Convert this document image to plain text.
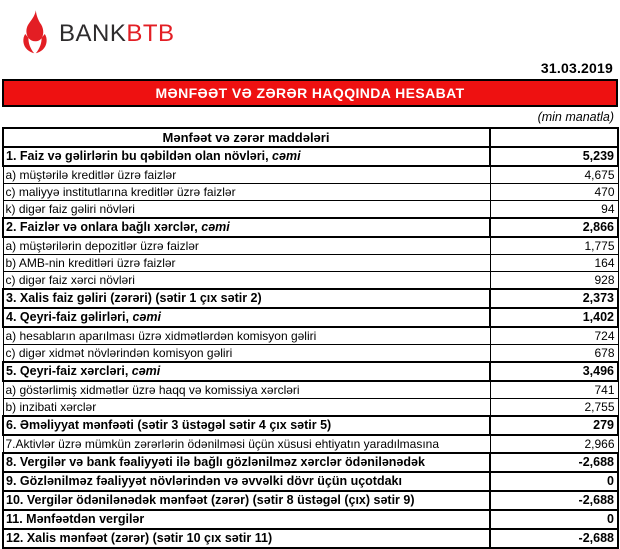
BANKBTB
31.03.2019
MƏNFƏƏT VƏ ZƏRƏR HAQQINDA HESABAT
(min manatla)
Mənfəət və zərər maddələri	
1. Faiz və gəlirlərin bu qəbildən olan növləri, cəmi	5,239
a) müştərilə kreditlər üzrə faizlər	4,675
c) maliyyə institutlarına kreditlər üzrə faizlər	470
k) digər faiz gəliri növləri	94
2. Faizlər və onlara bağlı xərclər, cəmi	2,866
a) müştərilərin depozitlər üzrə faizlər	1,775
b) AMB-nin kreditləri üzrə faizlər	164
c) digər faiz xərci növləri	928
3. Xalis faiz gəliri (zərəri) (sətir 1 çıx sətir 2)	2,373
4. Qeyri-faiz gəlirləri, cəmi	1,402
a) hesabların aparılması üzrə xidmətlərdən komisyon gəliri	724
c) digər xidmət növlərindən komisyon gəliri	678
5. Qeyri-faiz xərcləri, cəmi	3,496
a) göstərlimiş xidmətlər üzrə haqq və komissiya xərcləri	741
b) inzibati xərclər	2,755
6. Əməliyyat mənfəəti (sətir 3 üstəgəl sətir 4 çıx sətir 5)	279
7.Aktivlər üzrə mümkün zərərlərin ödənilməsi üçün xüsusi ehtiyatın yaradılmasına	2,966
8. Vergilər və bank fəaliyyəti ilə bağlı gözlənilməz xərclər ödənilənədək	-2,688
9. Gözlənilməz fəaliyyət növlərindən və əvvəlki dövr üçün uçotdakı	0
10. Vergilər ödənilənədək mənfəət (zərər) (sətir 8 üstəgəl (çıx) sətir 9)	-2,688
11. Mənfəətdən vergilər	0
12. Xalis mənfəət (zərər) (sətir 10 çıx sətir 11)	-2,688
